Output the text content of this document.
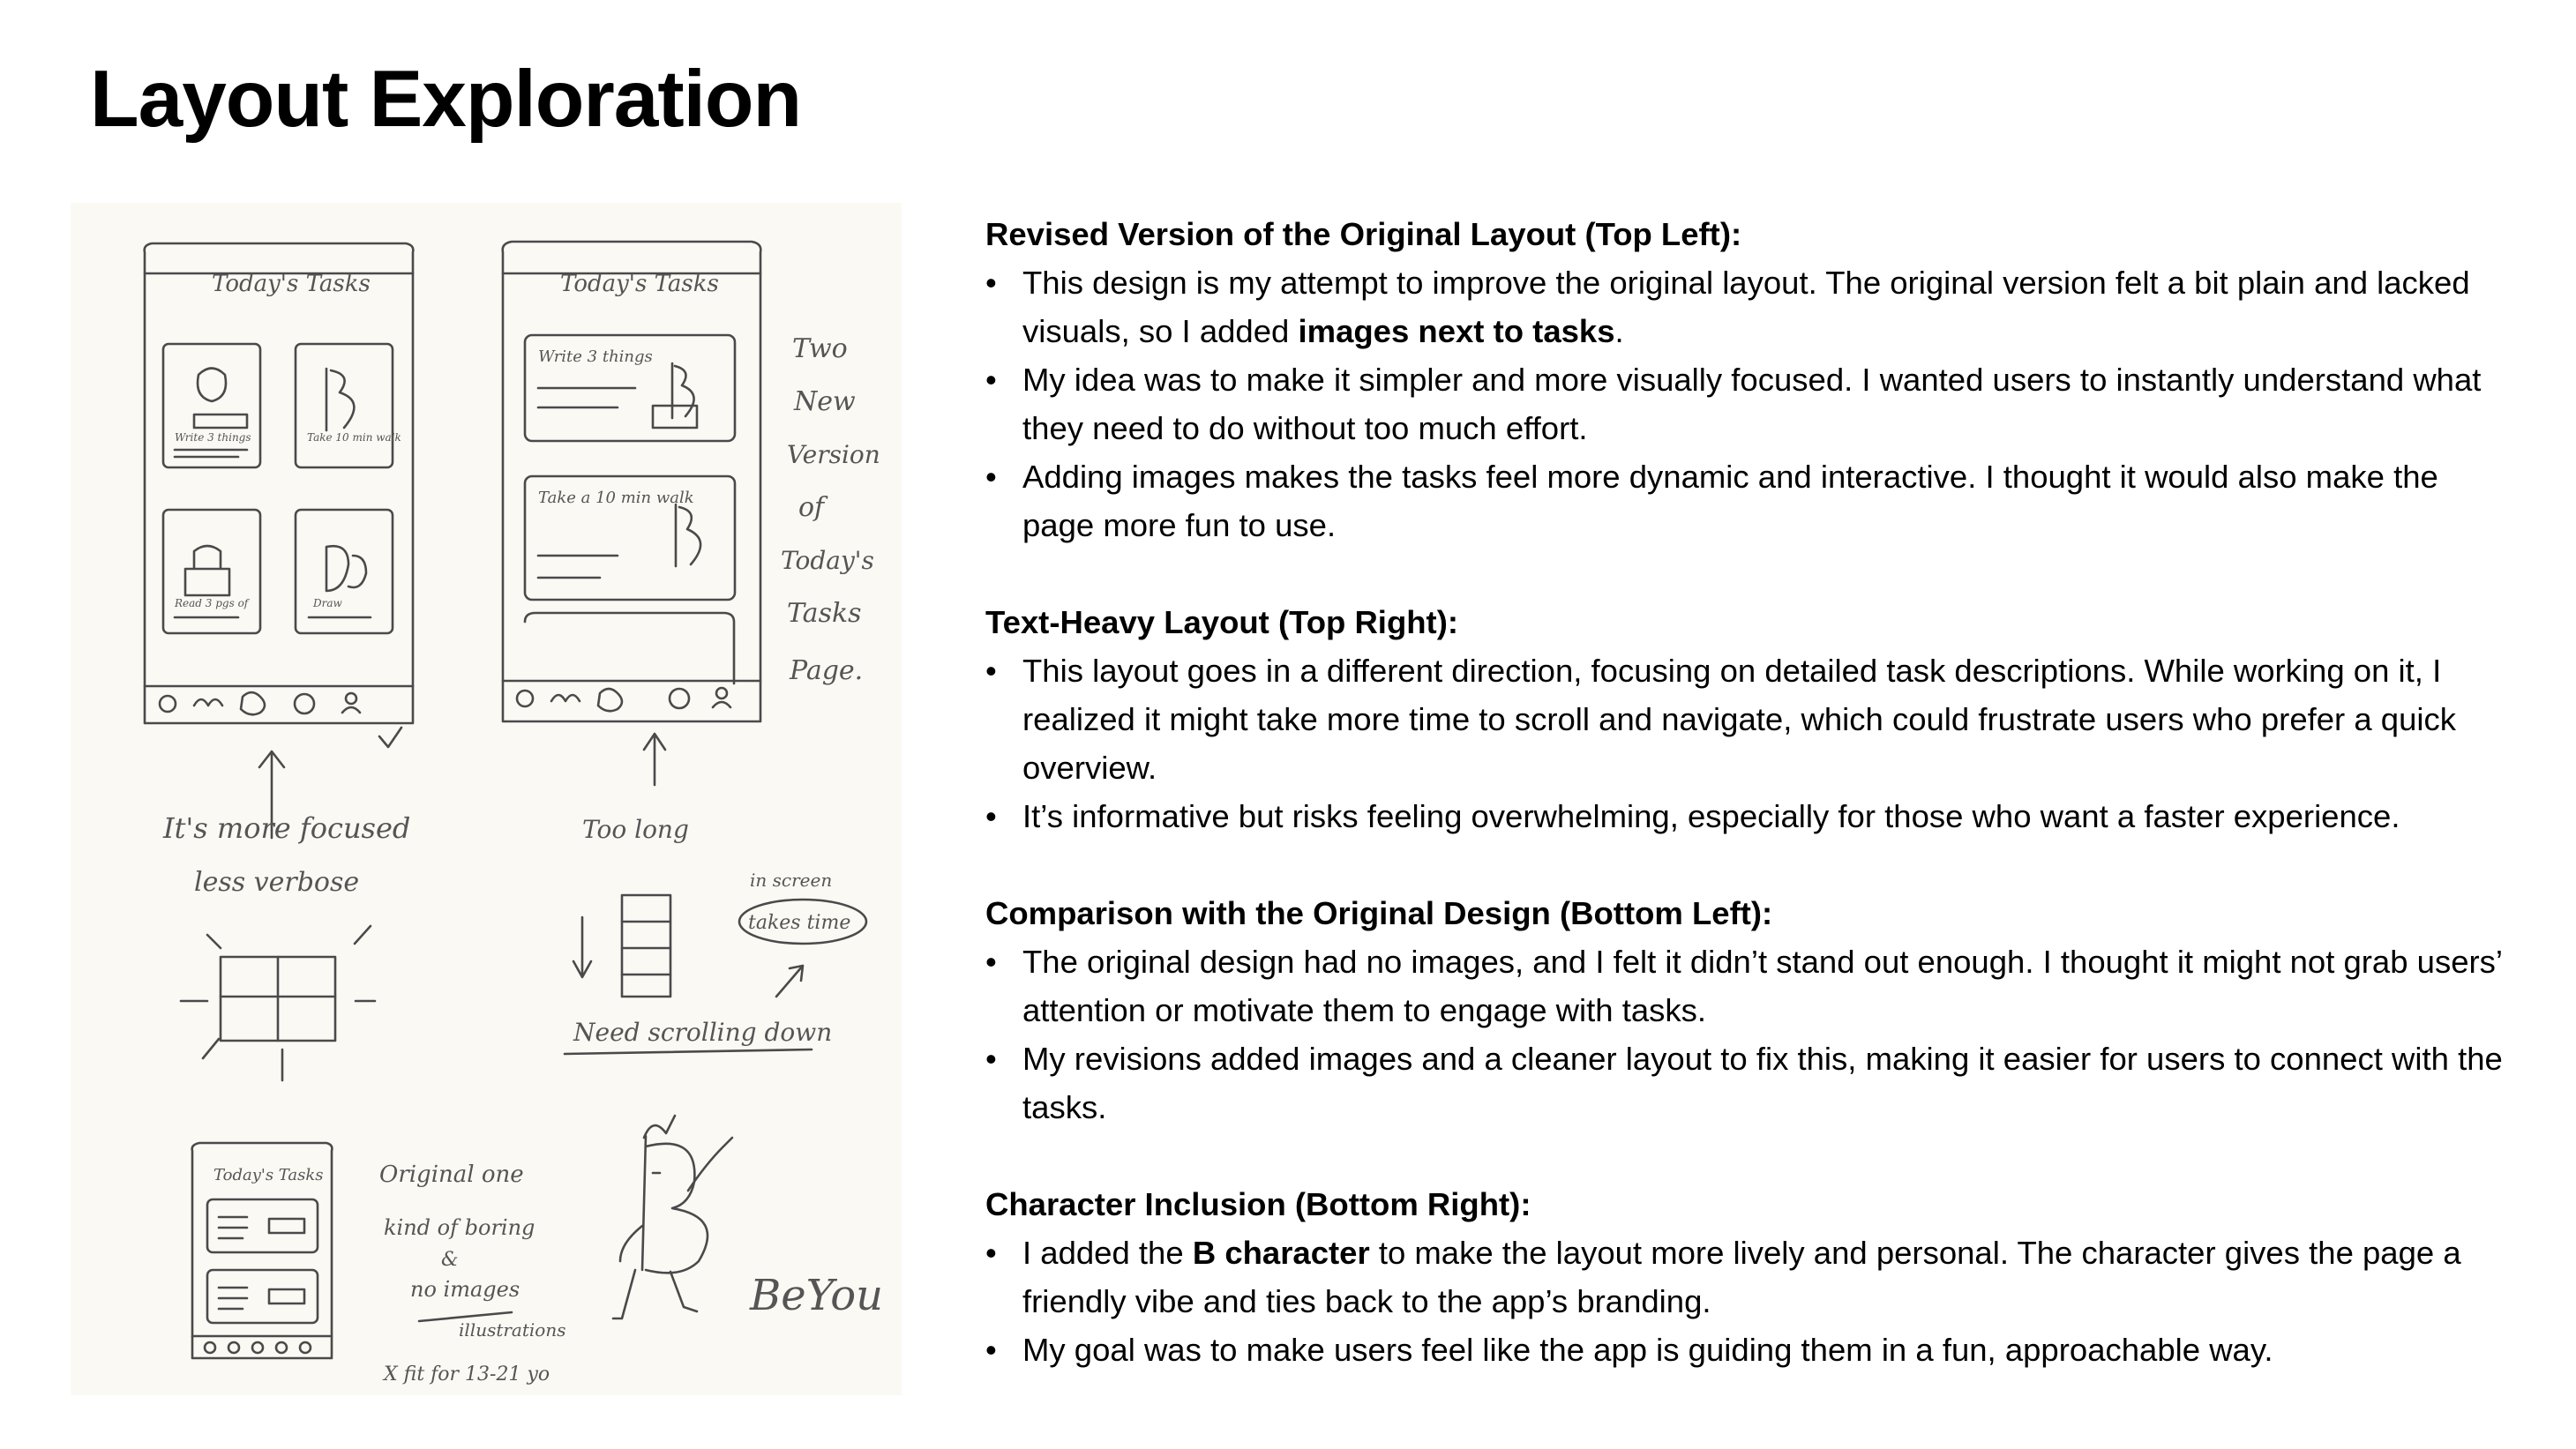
Layout Exploration
Today's Tasks
Write 3 things	Take 10 min walk
Read 3 pgs of	Draw
Today's Tasks
Write 3 things
Take a 10 min walk
Two
New
Version
of
Today's
Tasks
Page.
It's more focused
less verbose
Too long
in screen
takes time
Need scrolling down
Today's Tasks Original one
kind of boring
&
no images
illustrations
X fit for 13-21 yo
BeYou
Revised Version of the Original Layout (Top Left):
• This design is my attempt to improve the original layout. The original version felt a bit plain and lacked visuals, so I added images next to tasks.
• My idea was to make it simpler and more visually focused. I wanted users to instantly understand what they need to do without too much effort.
• Adding images makes the tasks feel more dynamic and interactive. I thought it would also make the page more fun to use.
Text-Heavy Layout (Top Right):
• This layout goes in a different direction, focusing on detailed task descriptions. While working on it, I realized it might take more time to scroll and navigate, which could frustrate users who prefer a quick overview.
• It’s informative but risks feeling overwhelming, especially for those who want a faster experience.
Comparison with the Original Design (Bottom Left):
• The original design had no images, and I felt it didn’t stand out enough. I thought it might not grab users’ attention or motivate them to engage with tasks.
• My revisions added images and a cleaner layout to fix this, making it easier for users to connect with the tasks.
Character Inclusion (Bottom Right):
• I added the B character to make the layout more lively and personal. The character gives the page a friendly vibe and ties back to the app’s branding.
• My goal was to make users feel like the app is guiding them in a fun, approachable way.
